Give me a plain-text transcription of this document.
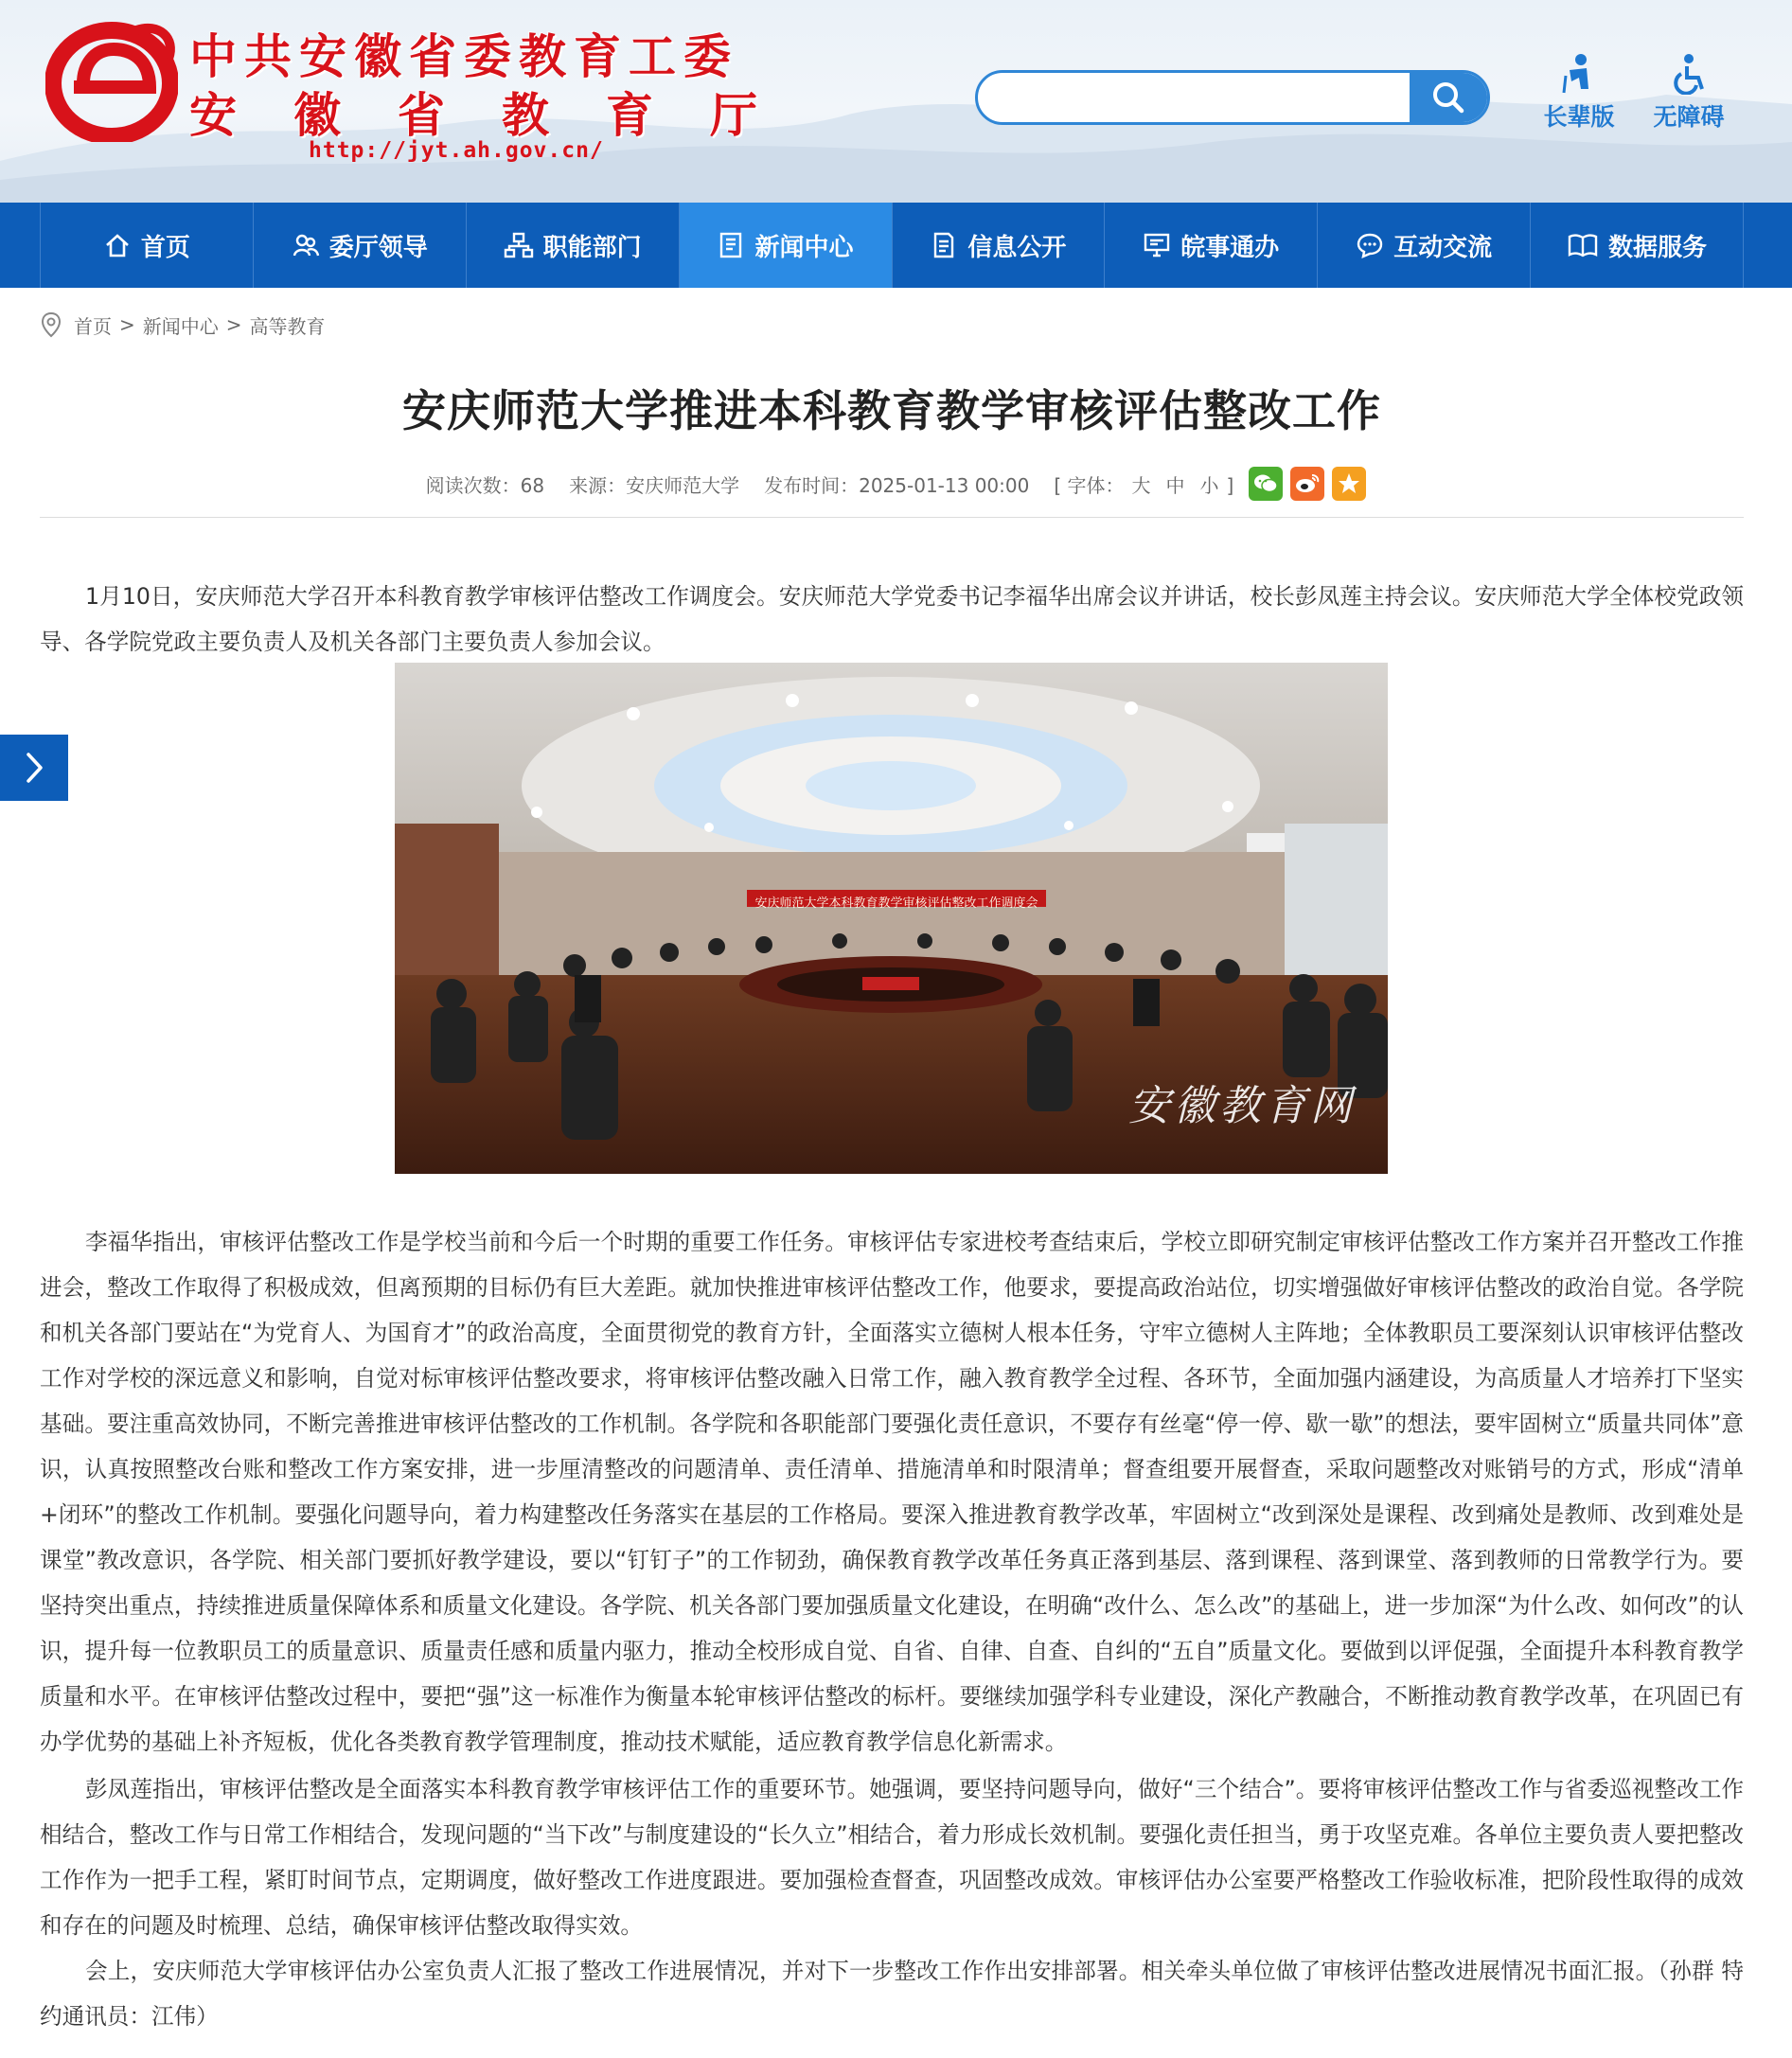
中共安徽省委教育工委
安徽省教育厅
http://jyt.ah.gov.cn/
长辈版	无障碍
首页	委厅领导	职能部门	新闻中心	信息公开	皖事通办	互动交流	数据服务
首页 > 新闻中心 > 高等教育
安庆师范大学推进本科教育教学审核评估整改工作
阅读次数：68 来源：安庆师范大学 发布时间：2025-01-13 00:00 [ 字体： 大 中 小 ]

1月10日，安庆师范大学召开本科教育教学审核评估整改工作调度会。安庆师范大学党委书记李福华出席会议并讲话，校长彭凤莲主持会议。安庆师范大学全体校党政领导、各学院党政主要负责人及机关各部门主要负责人参加会议。

安庆师范大学本科教育教学审核评估整改工作调度会
安徽教育网

李福华指出，审核评估整改工作是学校当前和今后一个时期的重要工作任务。审核评估专家进校考查结束后，学校立即研究制定审核评估整改工作方案并召开整改工作推进会，整改工作取得了积极成效，但离预期的目标仍有巨大差距。就加快推进审核评估整改工作，他要求，要提高政治站位，切实增强做好审核评估整改的政治自觉。各学院和机关各部门要站在“为党育人、为国育才”的政治高度，全面贯彻党的教育方针，全面落实立德树人根本任务，守牢立德树人主阵地；全体教职员工要深刻认识审核评估整改工作对学校的深远意义和影响，自觉对标审核评估整改要求，将审核评估整改融入日常工作，融入教育教学全过程、各环节，全面加强内涵建设，为高质量人才培养打下坚实基础。要注重高效协同，不断完善推进审核评估整改的工作机制。各学院和各职能部门要强化责任意识，不要存有丝毫“停一停、歇一歇”的想法，要牢固树立“质量共同体”意识，认真按照整改台账和整改工作方案安排，进一步厘清整改的问题清单、责任清单、措施清单和时限清单；督查组要开展督查，采取问题整改对账销号的方式，形成“清单+闭环”的整改工作机制。要强化问题导向，着力构建整改任务落实在基层的工作格局。要深入推进教育教学改革，牢固树立“改到深处是课程、改到痛处是教师、改到难处是课堂”教改意识，各学院、相关部门要抓好教学建设，要以“钉钉子”的工作韧劲，确保教育教学改革任务真正落到基层、落到课程、落到课堂、落到教师的日常教学行为。要坚持突出重点，持续推进质量保障体系和质量文化建设。各学院、机关各部门要加强质量文化建设，在明确“改什么、怎么改”的基础上，进一步加深“为什么改、如何改”的认识，提升每一位教职员工的质量意识、质量责任感和质量内驱力，推动全校形成自觉、自省、自律、自查、自纠的“五自”质量文化。要做到以评促强，全面提升本科教育教学质量和水平。在审核评估整改过程中，要把“强”这一标准作为衡量本轮审核评估整改的标杆。要继续加强学科专业建设，深化产教融合，不断推动教育教学改革，在巩固已有办学优势的基础上补齐短板，优化各类教育教学管理制度，推动技术赋能，适应教育教学信息化新需求。

彭凤莲指出，审核评估整改是全面落实本科教育教学审核评估工作的重要环节。她强调，要坚持问题导向，做好“三个结合”。要将审核评估整改工作与省委巡视整改工作相结合，整改工作与日常工作相结合，发现问题的“当下改”与制度建设的“长久立”相结合，着力形成长效机制。要强化责任担当，勇于攻坚克难。各单位主要负责人要把整改工作作为一把手工程，紧盯时间节点，定期调度，做好整改工作进度跟进。要加强检查督查，巩固整改成效。审核评估办公室要严格整改工作验收标准，把阶段性取得的成效和存在的问题及时梳理、总结，确保审核评估整改取得实效。

会上，安庆师范大学审核评估办公室负责人汇报了整改工作进展情况，并对下一步整改工作作出安排部署。相关牵头单位做了审核评估整改进展情况书面汇报。（孙群 特约通讯员：江伟）
